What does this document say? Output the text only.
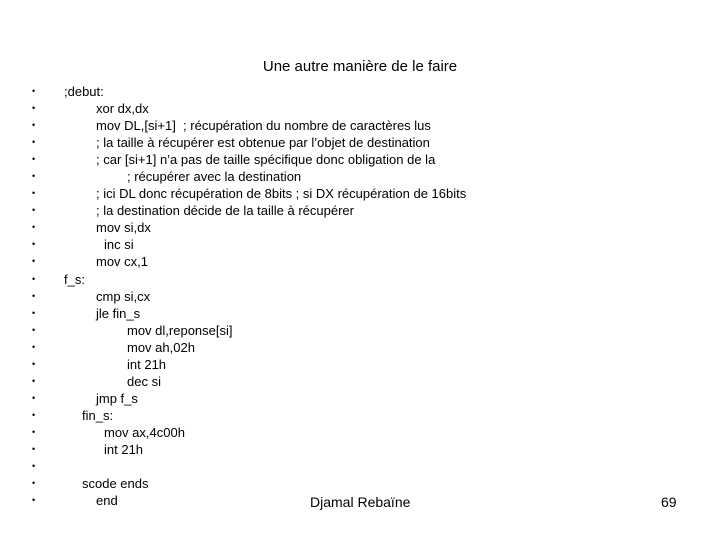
Une autre manière de le faire
•	;debut:
•	xor dx,dx
•	mov DL,[si+1]  ; récupération du nombre de caractères lus
•	; la taille à récupérer est obtenue par l’objet de destination
•	; car [si+1] n’a pas de taille spécifique donc obligation de la
•	; récupérer avec la destination
•	; ici DL donc récupération de 8bits ; si DX récupération de 16bits
•	; la destination décide de la taille à récupérer
•	mov si,dx
•	inc si
•	mov cx,1
•	f_s:
•	cmp si,cx
•	jle fin_s
•	mov dl,reponse[si]
•	mov ah,02h
•	int 21h
•	dec si
•	jmp f_s
•	fin_s:
•	mov ax,4c00h
•	int 21h
•
•	scode ends
•	end	Djamal Rebaïne	69
